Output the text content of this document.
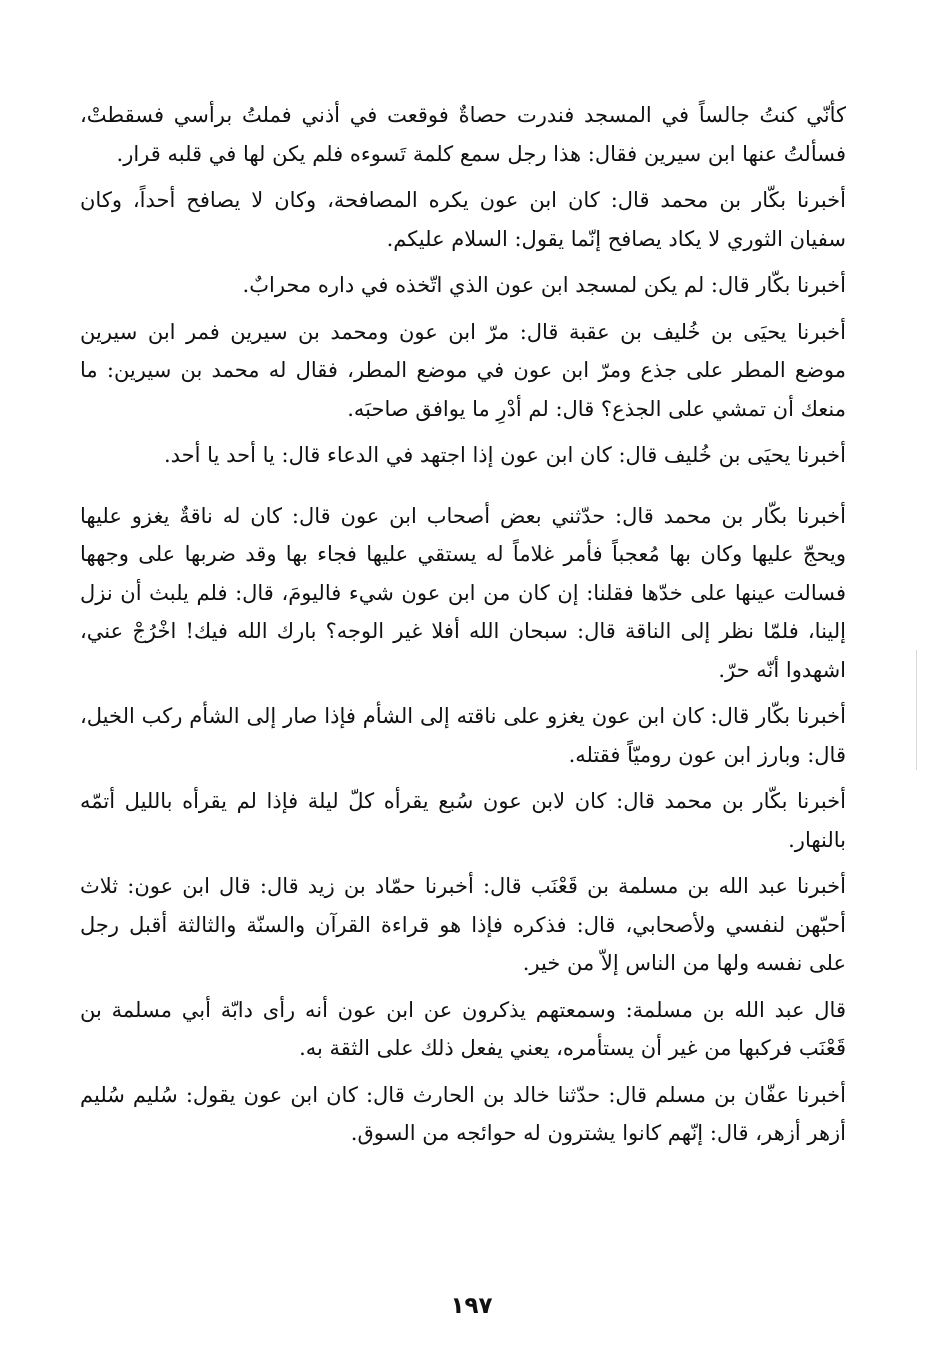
كأنّي كنتُ جالساً في المسجد فندرت حصاةٌ فوقعت في أذني فملتُ برأسي فسقطتْ، فسألتُ عنها ابن سيرين فقال: هذا رجل سمع كلمة تَسوءه فلم يكن لها في قلبه قرار.

أخبرنا بكّار بن محمد قال: كان ابن عون يكره المصافحة، وكان لا يصافح أحداً، وكان سفيان الثوري لا يكاد يصافح إنّما يقول: السلام عليكم.

أخبرنا بكّار قال: لم يكن لمسجد ابن عون الذي اتّخذه في داره محرابٌ.

أخبرنا يحيَى بن خُليف بن عقبة قال: مرّ ابن عون ومحمد بن سيرين فمر ابن سيرين موضع المطر على جذع ومرّ ابن عون في موضع المطر، فقال له محمد بن سيرين: ما منعك أن تمشي على الجذع؟ قال: لم أدْرِ ما يوافق صاحبَه.

أخبرنا يحيَى بن خُليف قال: كان ابن عون إذا اجتهد في الدعاء قال: يا أحد يا أحد.

أخبرنا بكّار بن محمد قال: حدّثني بعض أصحاب ابن عون قال: كان له ناقةٌ يغزو عليها ويحجّ عليها وكان بها مُعجباً فأمر غلاماً له يستقي عليها فجاء بها وقد ضربها على وجهها فسالت عينها على خدّها فقلنا: إن كان من ابن عون شيء فاليومَ، قال: فلم يلبث أن نزل إلينا، فلمّا نظر إلى الناقة قال: سبحان الله أفلا غير الوجه؟ بارك الله فيك! اخْرُجْ عني، اشهدوا أنّه حرّ.

أخبرنا بكّار قال: كان ابن عون يغزو على ناقته إلى الشأم فإذا صار إلى الشأم ركب الخيل، قال: وبارز ابن عون روميّاً فقتله.

أخبرنا بكّار بن محمد قال: كان لابن عون سُبع يقرأه كلّ ليلة فإذا لم يقرأه بالليل أتمّه بالنهار.

أخبرنا عبد الله بن مسلمة بن قَعْنَب قال: أخبرنا حمّاد بن زيد قال: قال ابن عون: ثلاث أحبّهن لنفسي ولأصحابي، قال: فذكره فإذا هو قراءة القرآن والسنّة والثالثة أقبل رجل على نفسه ولها من الناس إلاّ من خير.

قال عبد الله بن مسلمة: وسمعتهم يذكرون عن ابن عون أنه رأى دابّة أبي مسلمة بن قَعْنَب فركبها من غير أن يستأمره، يعني يفعل ذلك على الثقة به.

أخبرنا عفّان بن مسلم قال: حدّثنا خالد بن الحارث قال: كان ابن عون يقول: سُليم سُليم أزهر أزهر، قال: إنّهم كانوا يشترون له حوائجه من السوق.

١٩٧
